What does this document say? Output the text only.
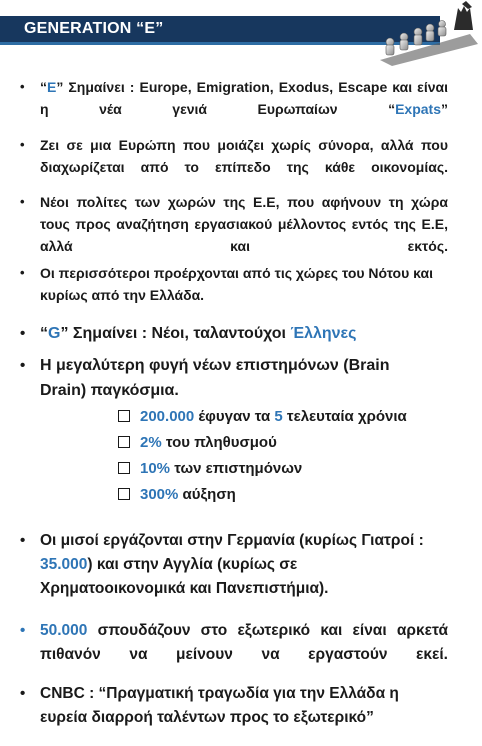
GENERATION “E”
• “E” Σημαίνει : Europe, Emigration, Exodus, Escape και είναι η νέα γενιά Ευρωπαίων “Expats”
• Ζει σε μια Ευρώπη που μοιάζει χωρίς σύνορα, αλλά που διαχωρίζεται από το επίπεδο της κάθε οικονομίας.
• Νέοι πολίτες των χωρών της Ε.Ε, που αφήνουν τη χώρα τους προς αναζήτηση εργασιακού μέλλοντος εντός της Ε.Ε, αλλά και εκτός.
• Οι περισσότεροι προέρχονται από τις χώρες του Νότου και κυρίως από την Ελλάδα.
• “G” Σημαίνει : Νέοι, ταλαντούχοι Έλληνες
• Η μεγαλύτερη φυγή νέων επιστημόνων (Brain Drain) παγκόσμια.
200.000 έφυγαν τα 5 τελευταία χρόνια
2% του πληθυσμού
10% των επιστημόνων
300% αύξηση
• Οι μισοί εργάζονται στην Γερμανία (κυρίως Γιατροί : 35.000) και στην Αγγλία (κυρίως σε Χρηματοοικονομικά και Πανεπιστήμια).
• 50.000 σπουδάζουν στο εξωτερικό και είναι αρκετά πιθανόν να μείνουν να εργαστούν εκεί.
• CNBC : “Πραγματική τραγωδία για την Ελλάδα η ευρεία διαρροή ταλέντων προς το εξωτερικό”
